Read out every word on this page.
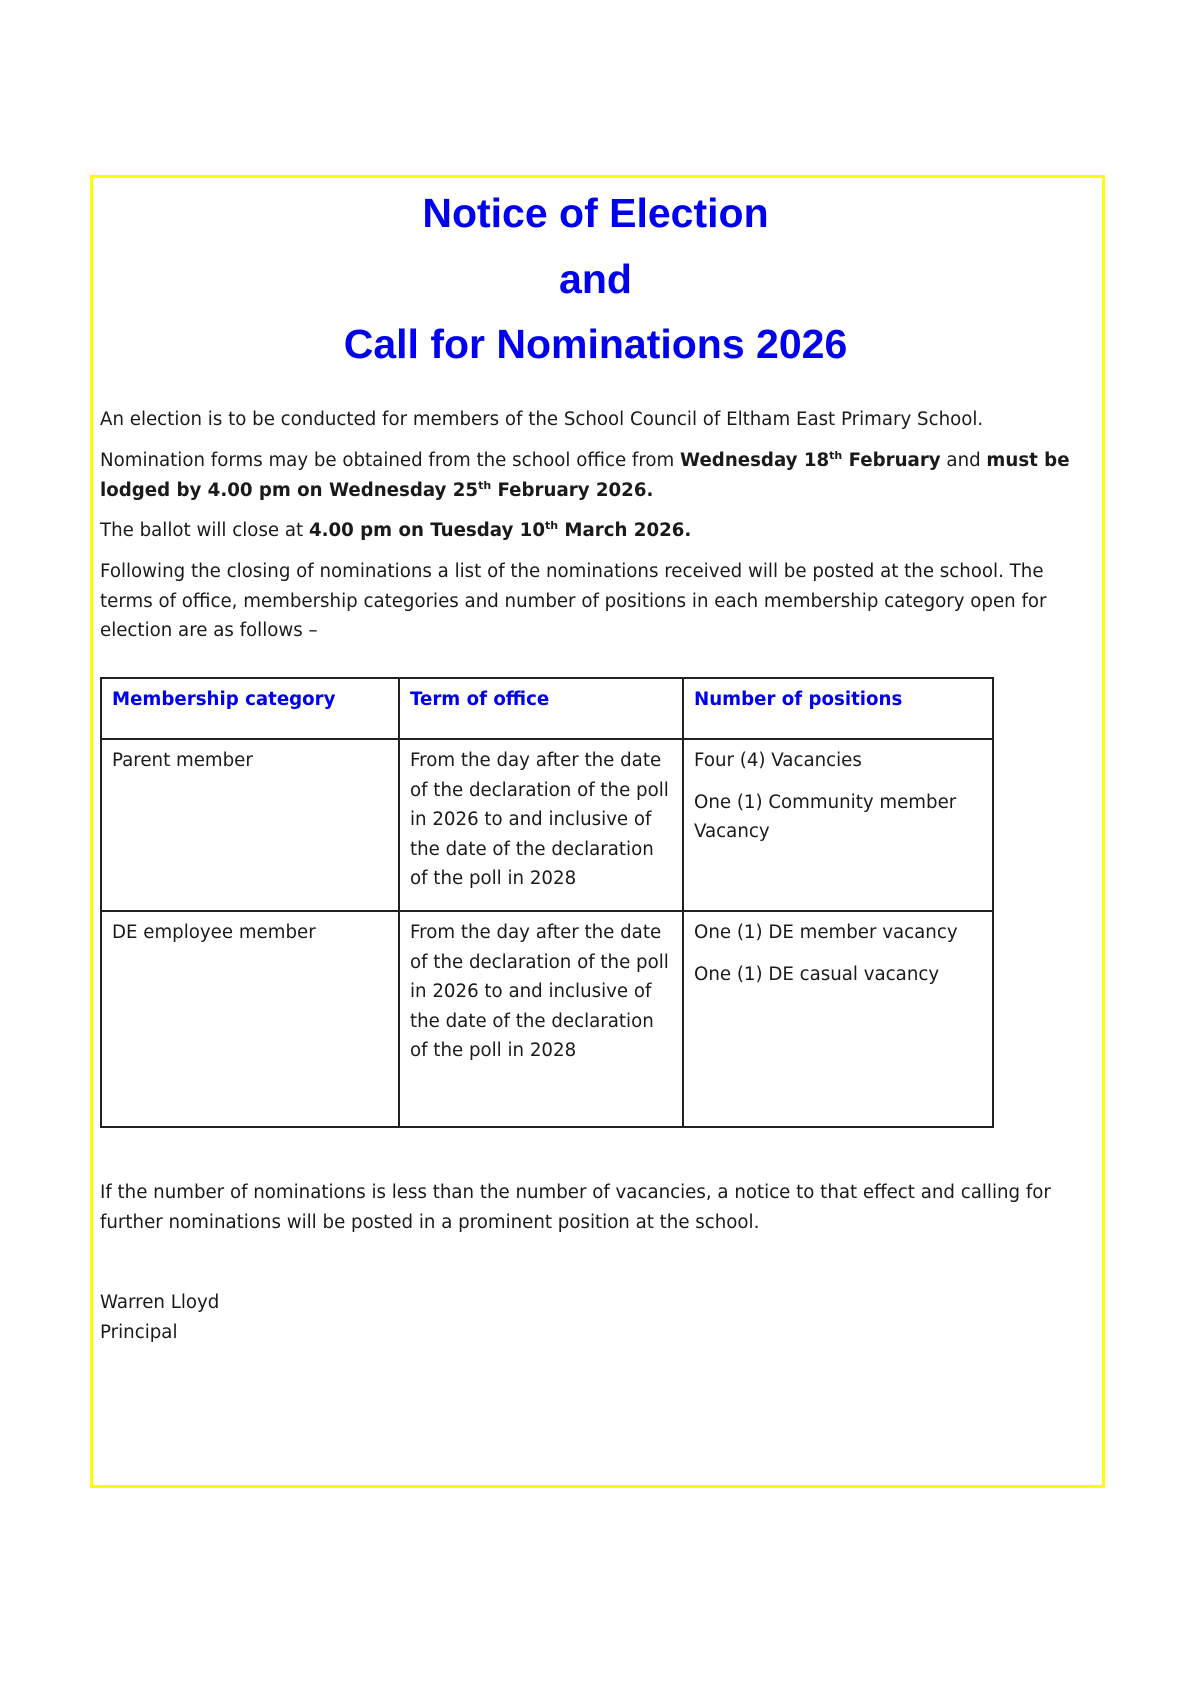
Notice of Election
and
Call for Nominations 2026

An election is to be conducted for members of the School Council of Eltham East Primary School.

Nomination forms may be obtained from the school office from Wednesday 18th February and must be lodged by 4.00 pm on Wednesday 25th February 2026.

The ballot will close at 4.00 pm on Tuesday 10th March 2026.

Following the closing of nominations a list of the nominations received will be posted at the school. The terms of office, membership categories and number of positions in each membership category open for election are as follows –

Membership category	Term of office	Number of positions
Parent member	From the day after the date of the declaration of the poll in 2026 to and inclusive of the date of the declaration of the poll in 2028	Four (4) Vacancies
One (1) Community member Vacancy

DE employee member	From the day after the date of the declaration of the poll in 2026 to and inclusive of the date of the declaration of the poll in 2028	One (1) DE member vacancy
One (1) DE casual vacancy

If the number of nominations is less than the number of vacancies, a notice to that effect and calling for further nominations will be posted in a prominent position at the school.

Warren Lloyd
Principal
